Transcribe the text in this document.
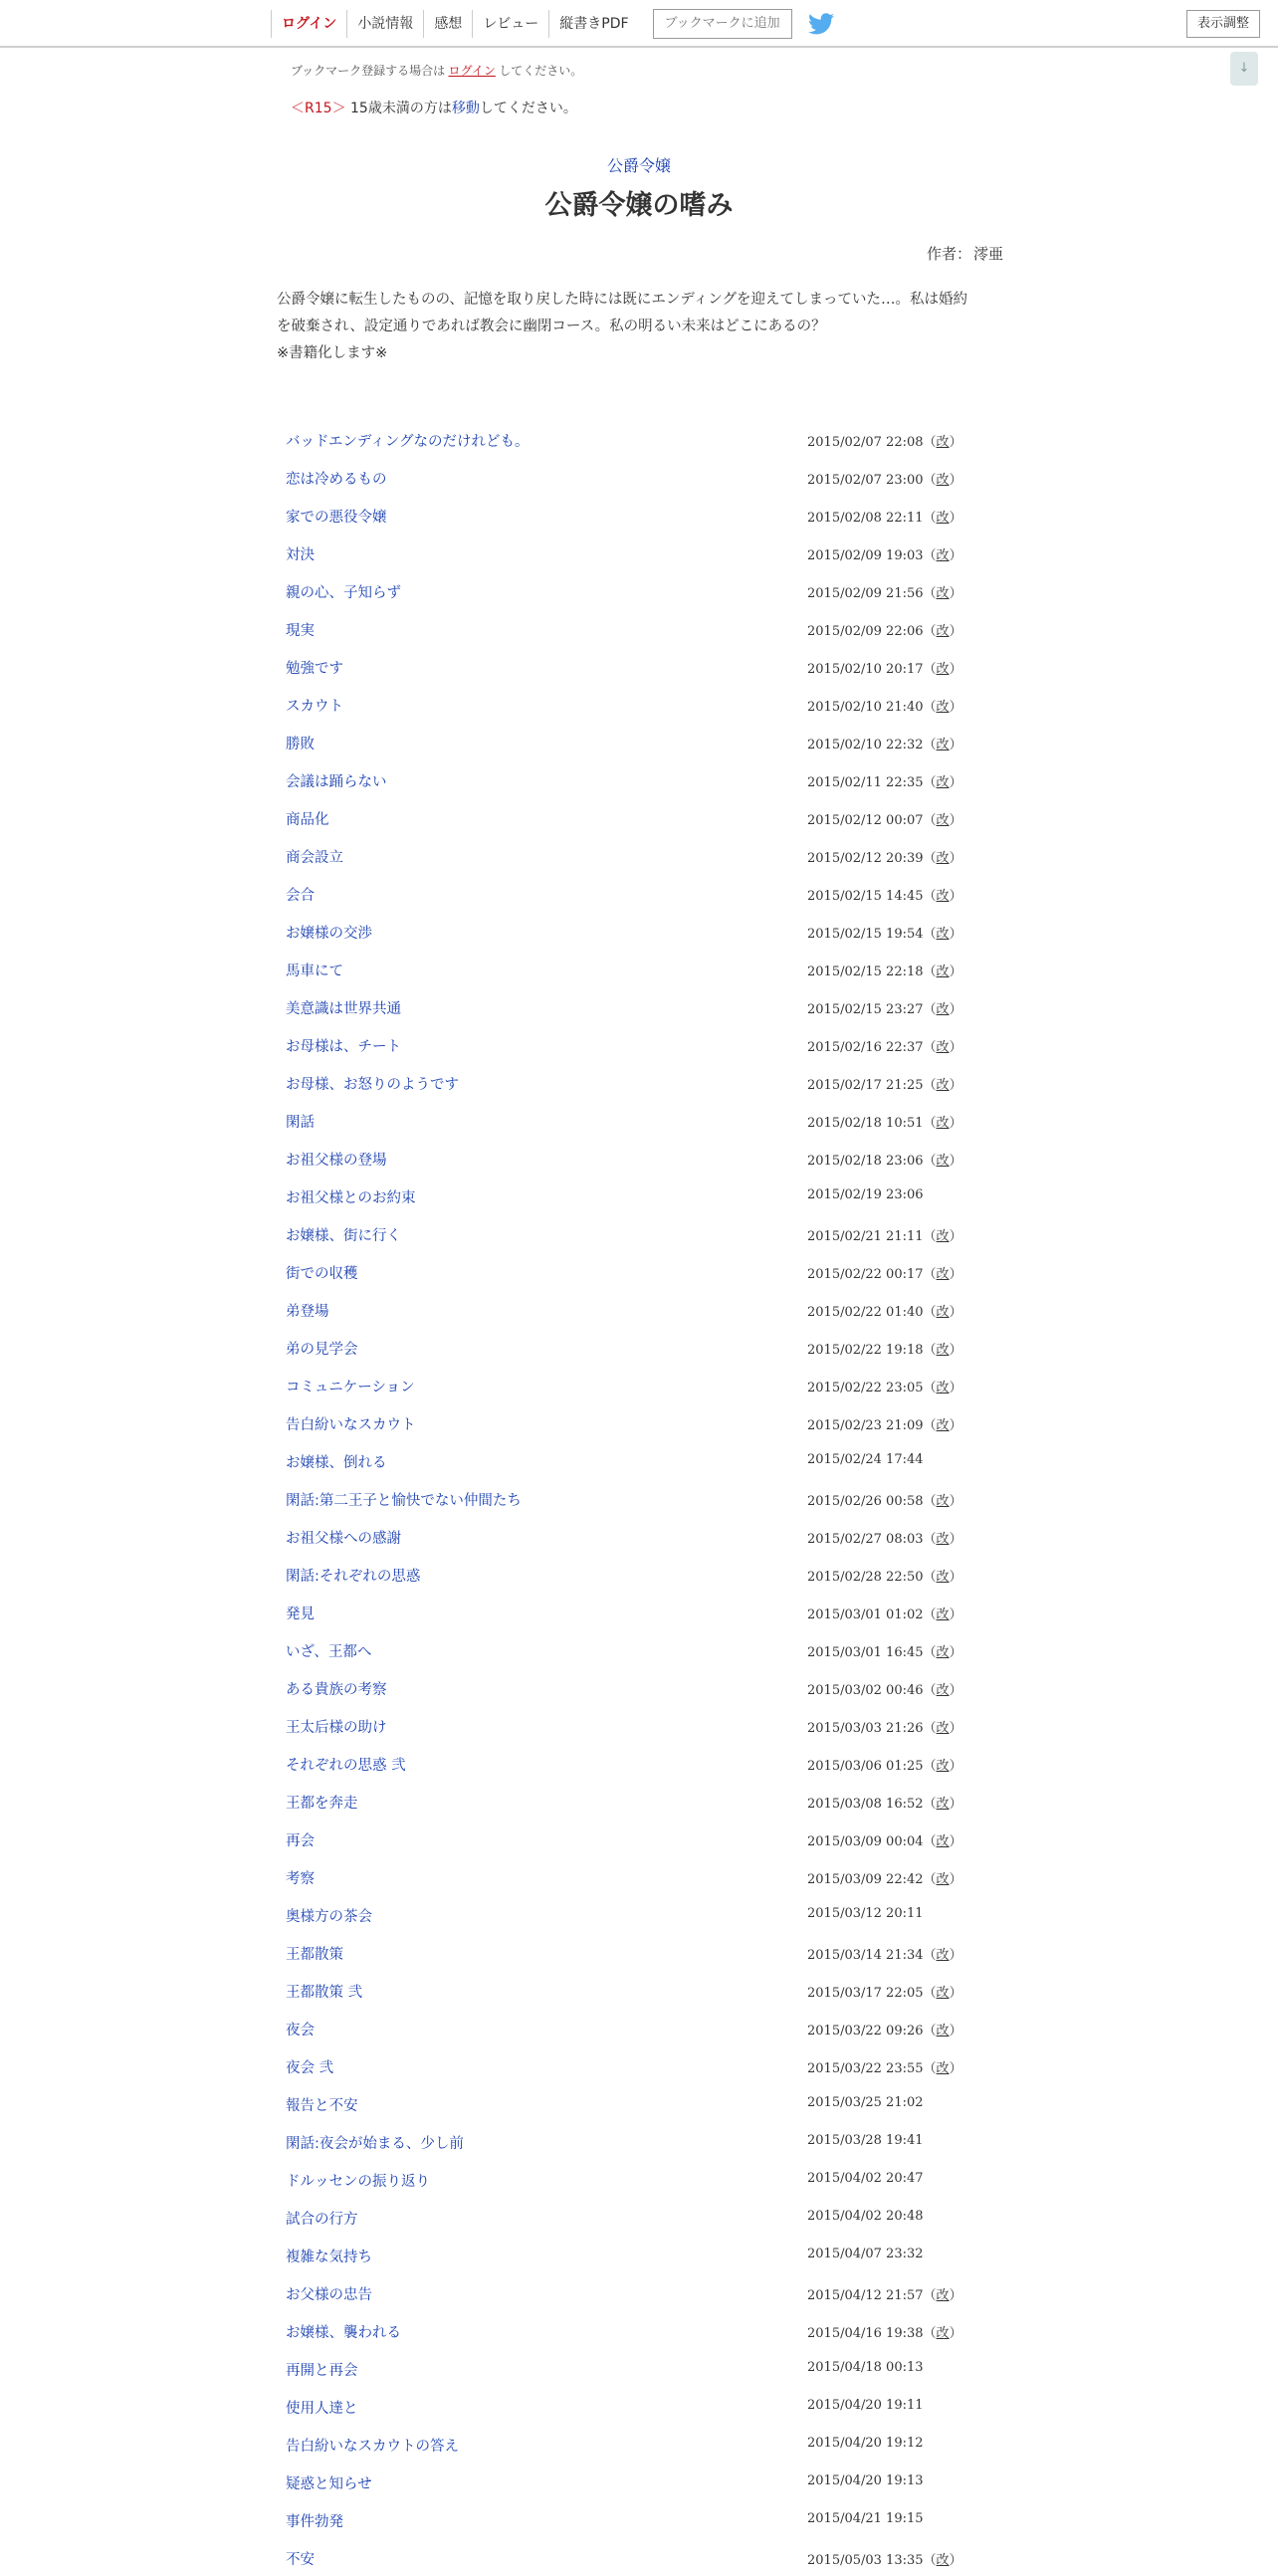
ログイン	小説情報	感想	レビュー	縦書きPDF	ブックマークに追加	表示調整
↓
ブックマーク登録する場合は ログイン してください。
＜R15＞ 15歳未満の方は移動してください。
公爵令嬢
公爵令嬢の嗜み
作者： 澪亜
公爵令嬢に転生したものの、記憶を取り戻した時には既にエンディングを迎えてしまっていた…。私は婚約
を破棄され、設定通りであれば教会に幽閉コース。私の明るい未来はどこにあるの？
※書籍化します※
バッドエンディングなのだけれども。	2015/02/07 22:08（改）
恋は冷めるもの	2015/02/07 23:00（改）
家での悪役令嬢	2015/02/08 22:11（改）
対決	2015/02/09 19:03（改）
親の心、子知らず	2015/02/09 21:56（改）
現実	2015/02/09 22:06（改）
勉強です	2015/02/10 20:17（改）
スカウト	2015/02/10 21:40（改）
勝敗	2015/02/10 22:32（改）
会議は踊らない	2015/02/11 22:35（改）
商品化	2015/02/12 00:07（改）
商会設立	2015/02/12 20:39（改）
会合	2015/02/15 14:45（改）
お嬢様の交渉	2015/02/15 19:54（改）
馬車にて	2015/02/15 22:18（改）
美意識は世界共通	2015/02/15 23:27（改）
お母様は、チート	2015/02/16 22:37（改）
お母様、お怒りのようです	2015/02/17 21:25（改）
閑話	2015/02/18 10:51（改）
お祖父様の登場	2015/02/18 23:06（改）
お祖父様とのお約束	2015/02/19 23:06
お嬢様、街に行く	2015/02/21 21:11（改）
街での収穫	2015/02/22 00:17（改）
弟登場	2015/02/22 01:40（改）
弟の見学会	2015/02/22 19:18（改）
コミュニケーション	2015/02/22 23:05（改）
告白紛いなスカウト	2015/02/23 21:09（改）
お嬢様、倒れる	2015/02/24 17:44
閑話:第二王子と愉快でない仲間たち	2015/02/26 00:58（改）
お祖父様への感謝	2015/02/27 08:03（改）
閑話:それぞれの思惑	2015/02/28 22:50（改）
発見	2015/03/01 01:02（改）
いざ、王都へ	2015/03/01 16:45（改）
ある貴族の考察	2015/03/02 00:46（改）
王太后様の助け	2015/03/03 21:26（改）
それぞれの思惑 弐	2015/03/06 01:25（改）
王都を奔走	2015/03/08 16:52（改）
再会	2015/03/09 00:04（改）
考察	2015/03/09 22:42（改）
奥様方の茶会	2015/03/12 20:11
王都散策	2015/03/14 21:34（改）
王都散策 弐	2015/03/17 22:05（改）
夜会	2015/03/22 09:26（改）
夜会 弐	2015/03/22 23:55（改）
報告と不安	2015/03/25 21:02
閑話:夜会が始まる、少し前	2015/03/28 19:41
ドルッセンの振り返り	2015/04/02 20:47
試合の行方	2015/04/02 20:48
複雑な気持ち	2015/04/07 23:32
お父様の忠告	2015/04/12 21:57（改）
お嬢様、襲われる	2015/04/16 19:38（改）
再開と再会	2015/04/18 00:13
使用人達と	2015/04/20 19:11
告白紛いなスカウトの答え	2015/04/20 19:12
疑惑と知らせ	2015/04/20 19:13
事件勃発	2015/04/21 19:15
不安	2015/05/03 13:35（改）
